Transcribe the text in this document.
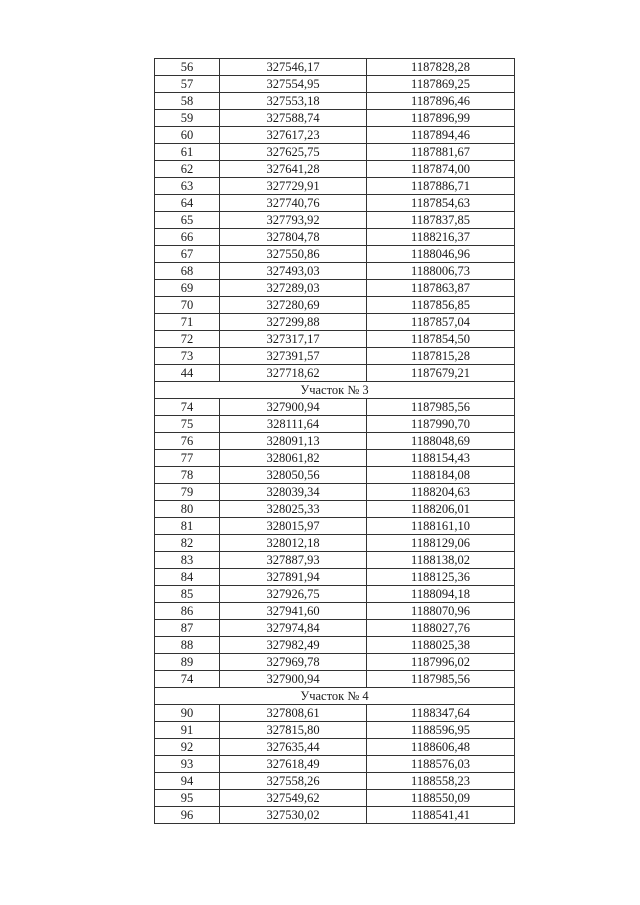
56	327546,17	1187828,28
57	327554,95	1187869,25
58	327553,18	1187896,46
59	327588,74	1187896,99
60	327617,23	1187894,46
61	327625,75	1187881,67
62	327641,28	1187874,00
63	327729,91	1187886,71
64	327740,76	1187854,63
65	327793,92	1187837,85
66	327804,78	1188216,37
67	327550,86	1188046,96
68	327493,03	1188006,73
69	327289,03	1187863,87
70	327280,69	1187856,85
71	327299,88	1187857,04
72	327317,17	1187854,50
73	327391,57	1187815,28
44	327718,62	1187679,21
Участок № 3		
74	327900,94	1187985,56
75	328111,64	1187990,70
76	328091,13	1188048,69
77	328061,82	1188154,43
78	328050,56	1188184,08
79	328039,34	1188204,63
80	328025,33	1188206,01
81	328015,97	1188161,10
82	328012,18	1188129,06
83	327887,93	1188138,02
84	327891,94	1188125,36
85	327926,75	1188094,18
86	327941,60	1188070,96
87	327974,84	1188027,76
88	327982,49	1188025,38
89	327969,78	1187996,02
74	327900,94	1187985,56
Участок № 4		
90	327808,61	1188347,64
91	327815,80	1188596,95
92	327635,44	1188606,48
93	327618,49	1188576,03
94	327558,26	1188558,23
95	327549,62	1188550,09
96	327530,02	1188541,41
